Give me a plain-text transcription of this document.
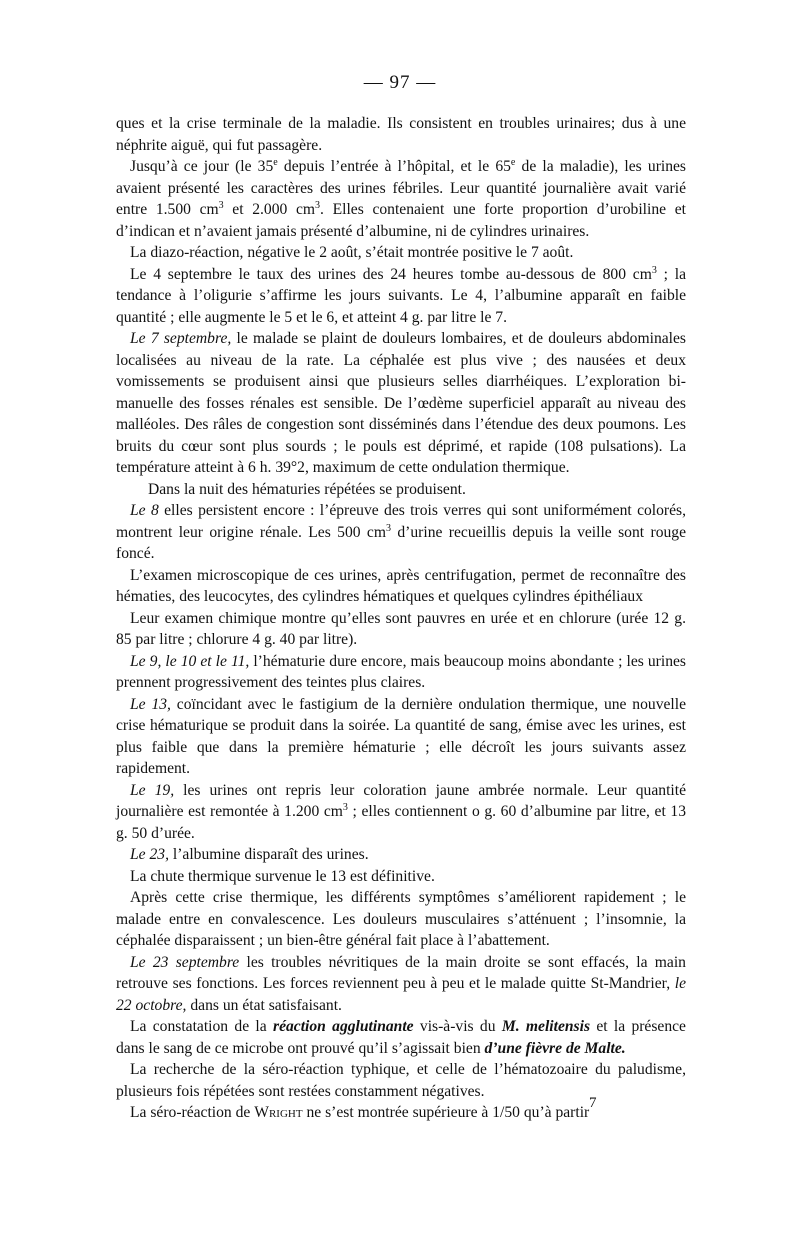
— 97 —

ques et la crise terminale de la maladie. Ils consistent en troubles urinaires; dus à une néphrite aiguë, qui fut passagère.

Jusqu’à ce jour (le 35e depuis l’entrée à l’hôpital, et le 65e de la maladie), les urines avaient présenté les caractères des urines fébriles. Leur quantité journalière avait varié entre 1.500 $cm^3$ et 2.000 $cm^3$. Elles contenaient une forte proportion d’urobiline et d’indican et n’avaient jamais présenté d’albumine, ni de cylindres urinaires.

La diazo-réaction, négative le 2 août, s’était montrée positive le 7 août.

Le 4 septembre le taux des urines des 24 heures tombe au-dessous de 800 $cm^3$ ; la tendance à l’oligurie s’affirme les jours suivants. Le 4, l’albumine apparaît en faible quantité ; elle augmente le 5 et le 6, et atteint 4 g. par litre le 7.

Le 7 septembre, le malade se plaint de douleurs lombaires, et de douleurs abdominales localisées au niveau de la rate. La céphalée est plus vive ; des nausées et deux vomissements se produisent ainsi que plusieurs selles diarrhéiques. L’exploration bi-manuelle des fosses rénales est sensible. De l’œdème superficiel apparaît au niveau des malléoles. Des râles de congestion sont disséminés dans l’étendue des deux poumons. Les bruits du cœur sont plus sourds ; le pouls est déprimé, et rapide (108 pulsations). La température atteint à 6 h. 39°2, maximum de cette ondulation thermique.

Dans la nuit des hématuries répétées se produisent.

Le 8 elles persistent encore : l’épreuve des trois verres qui sont uniformément colorés, montrent leur origine rénale. Les 500 $cm^3$ d’urine recueillis depuis la veille sont rouge foncé.

L’examen microscopique de ces urines, après centrifugation, permet de reconnaître des hématies, des leucocytes, des cylindres hématiques et quelques cylindres épithéliaux

Leur examen chimique montre qu’elles sont pauvres en urée et en chlorure (urée 12 g. 85 par litre ; chlorure 4 g. 40 par litre).

Le 9, le 10 et le 11, l’hématurie dure encore, mais beaucoup moins abondante ; les urines prennent progressivement des teintes plus claires.

Le 13, coïncidant avec le fastigium de la dernière ondulation thermique, une nouvelle crise hématurique se produit dans la soirée. La quantité de sang, émise avec les urines, est plus faible que dans la première hématurie ; elle décroît les jours suivants assez rapidement.

Le 19, les urines ont repris leur coloration jaune ambrée normale. Leur quantité journalière est remontée à 1.200 $cm^3$ ; elles contiennent o g. 60 d’albumine par litre, et 13 g. 50 d’urée.

Le 23, l’albumine disparaît des urines.

La chute thermique survenue le 13 est définitive.

Après cette crise thermique, les différents symptômes s’améliorent rapidement ; le malade entre en convalescence. Les douleurs musculaires s’atténuent ; l’insomnie, la céphalée disparaissent ; un bien-être général fait place à l’abattement.

Le 23 septembre les troubles névritiques de la main droite se sont effacés, la main retrouve ses fonctions. Les forces reviennent peu à peu et le malade quitte St-Mandrier, le 22 octobre, dans un état satisfaisant.

La constatation de la réaction agglutinante vis-à-vis du M. melitensis et la présence dans le sang de ce microbe ont prouvé qu’il s’agissait bien d’une fièvre de Malte.

La recherche de la séro-réaction typhique, et celle de l’hématozoaire du paludisme, plusieurs fois répétées sont restées constamment négatives.

La séro-réaction de Wright ne s’est montrée supérieure à 1/50 qu’à partir

7
